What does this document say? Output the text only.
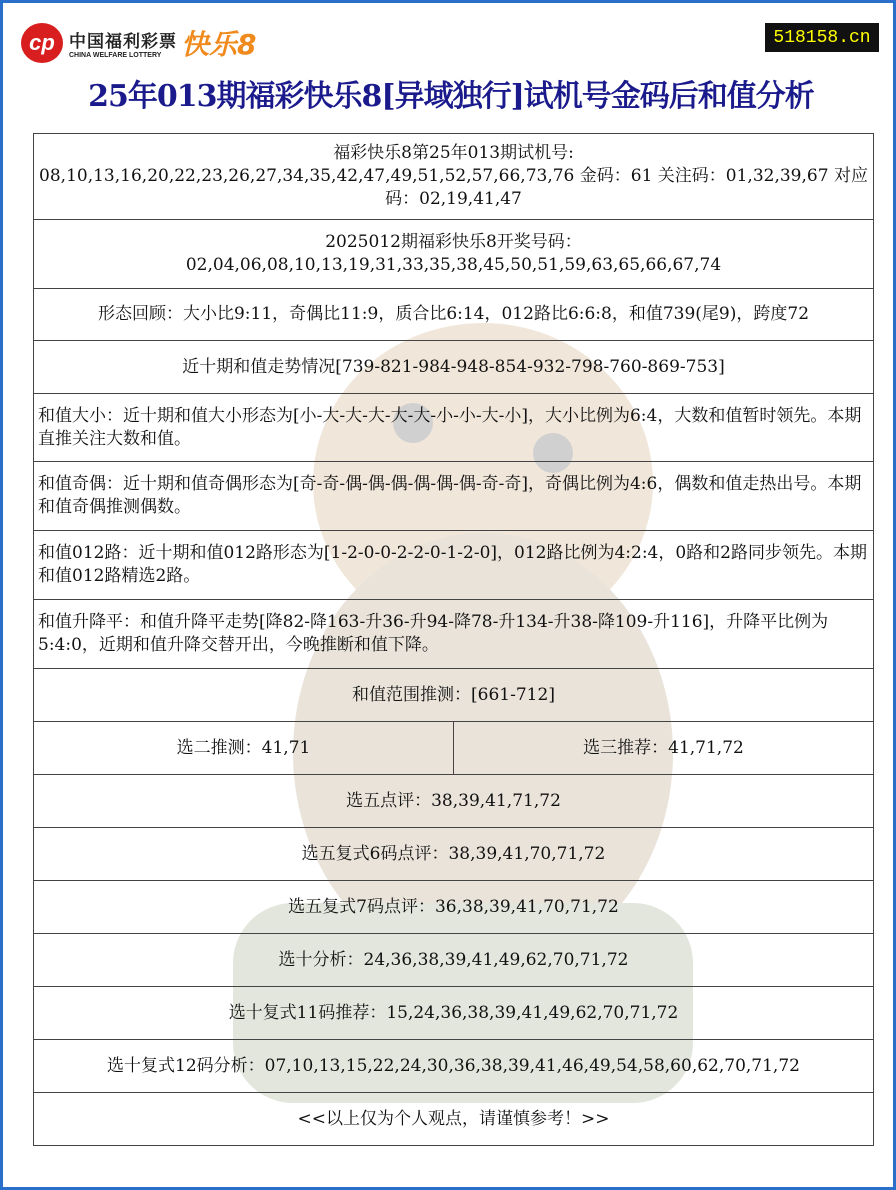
cp 中国福利彩票
CHINA WELFARE LOTTERY 快乐8	518158.cn
25年013期福彩快乐8[异域独行]试机号金码后和值分析
福彩快乐8第25年013期试机号:
08,10,13,16,20,22,23,26,27,34,35,42,47,49,51,52,57,66,73,76 金码：61 关注码：01,32,39,67 对应码：02,19,41,47

2025012期福彩快乐8开奖号码：
02,04,06,08,10,13,19,31,33,35,38,45,50,51,59,63,65,66,67,74

形态回顾：大小比9:11，奇偶比11:9，质合比6:14，012路比6:6:8，和值739(尾9)，跨度72
近十期和值走势情况[739-821-984-948-854-932-798-760-869-753]
和值大小：近十期和值大小形态为[小-大-大-大-大-大-小-小-大-小]，大小比例为6:4，大数和值暂时领先。本期直推关注大数和值。
和值奇偶：近十期和值奇偶形态为[奇-奇-偶-偶-偶-偶-偶-偶-奇-奇]，奇偶比例为4:6，偶数和值走热出号。本期和值奇偶推测偶数。
和值012路：近十期和值012路形态为[1-2-0-0-2-2-0-1-2-0]，012路比例为4:2:4，0路和2路同步领先。本期和值012路精选2路。
和值升降平：和值升降平走势[降82-降163-升36-升94-降78-升134-升38-降109-升116]，升降平比例为5:4:0，近期和值升降交替开出，今晚推断和值下降。
和值范围推测：[661-712]
选二推测：41,71	选三推荐：41,71,72
选五点评：38,39,41,71,72
选五复式6码点评：38,39,41,70,71,72
选五复式7码点评：36,38,39,41,70,71,72
选十分析：24,36,38,39,41,49,62,70,71,72
选十复式11码推荐：15,24,36,38,39,41,49,62,70,71,72
选十复式12码分析：07,10,13,15,22,24,30,36,38,39,41,46,49,54,58,60,62,70,71,72
<<以上仅为个人观点，请谨慎参考！>>
